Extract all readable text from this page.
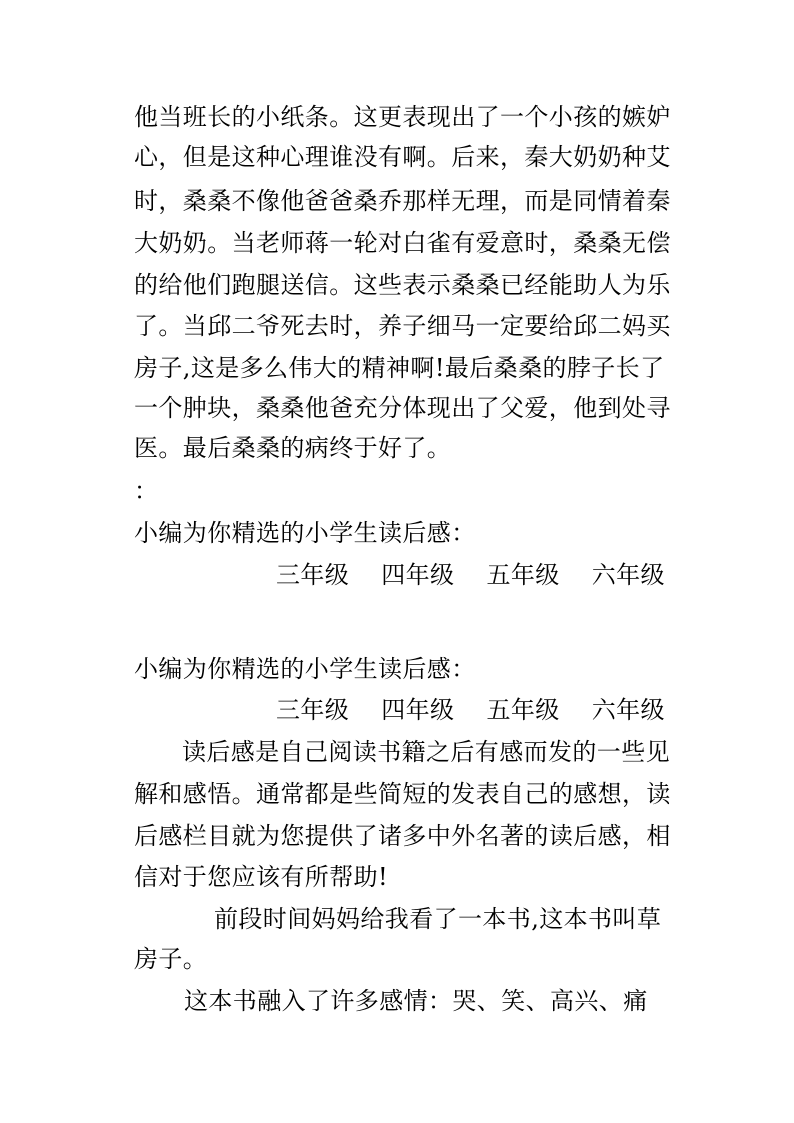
他当班长的小纸条。这更表现出了一个小孩的嫉妒
心，但是这种心理谁没有啊。后来，秦大奶奶种艾
时，桑桑不像他爸爸桑乔那样无理，而是同情着秦
大奶奶。当老师蒋一轮对白雀有爱意时，桑桑无偿
的给他们跑腿送信。这些表示桑桑已经能助人为乐
了。当邱二爷死去时，养子细马一定要给邱二妈买
房子,这是多么伟大的精神啊!最后桑桑的脖子长了
一个肿块，桑桑他爸充分体现出了父爱，他到处寻
医。最后桑桑的病终于好了。
：
小编为你精选的小学生读后感：
三年级 四年级 五年级 六年级
小编为你精选的小学生读后感：
三年级 四年级 五年级 六年级
读后感是自己阅读书籍之后有感而发的一些见
解和感悟。通常都是些简短的发表自己的感想，读
后感栏目就为您提供了诸多中外名著的读后感，相
信对于您应该有所帮助!
前段时间妈妈给我看了一本书,这本书叫草
房子。
这本书融入了许多感情：哭、笑、高兴、痛
